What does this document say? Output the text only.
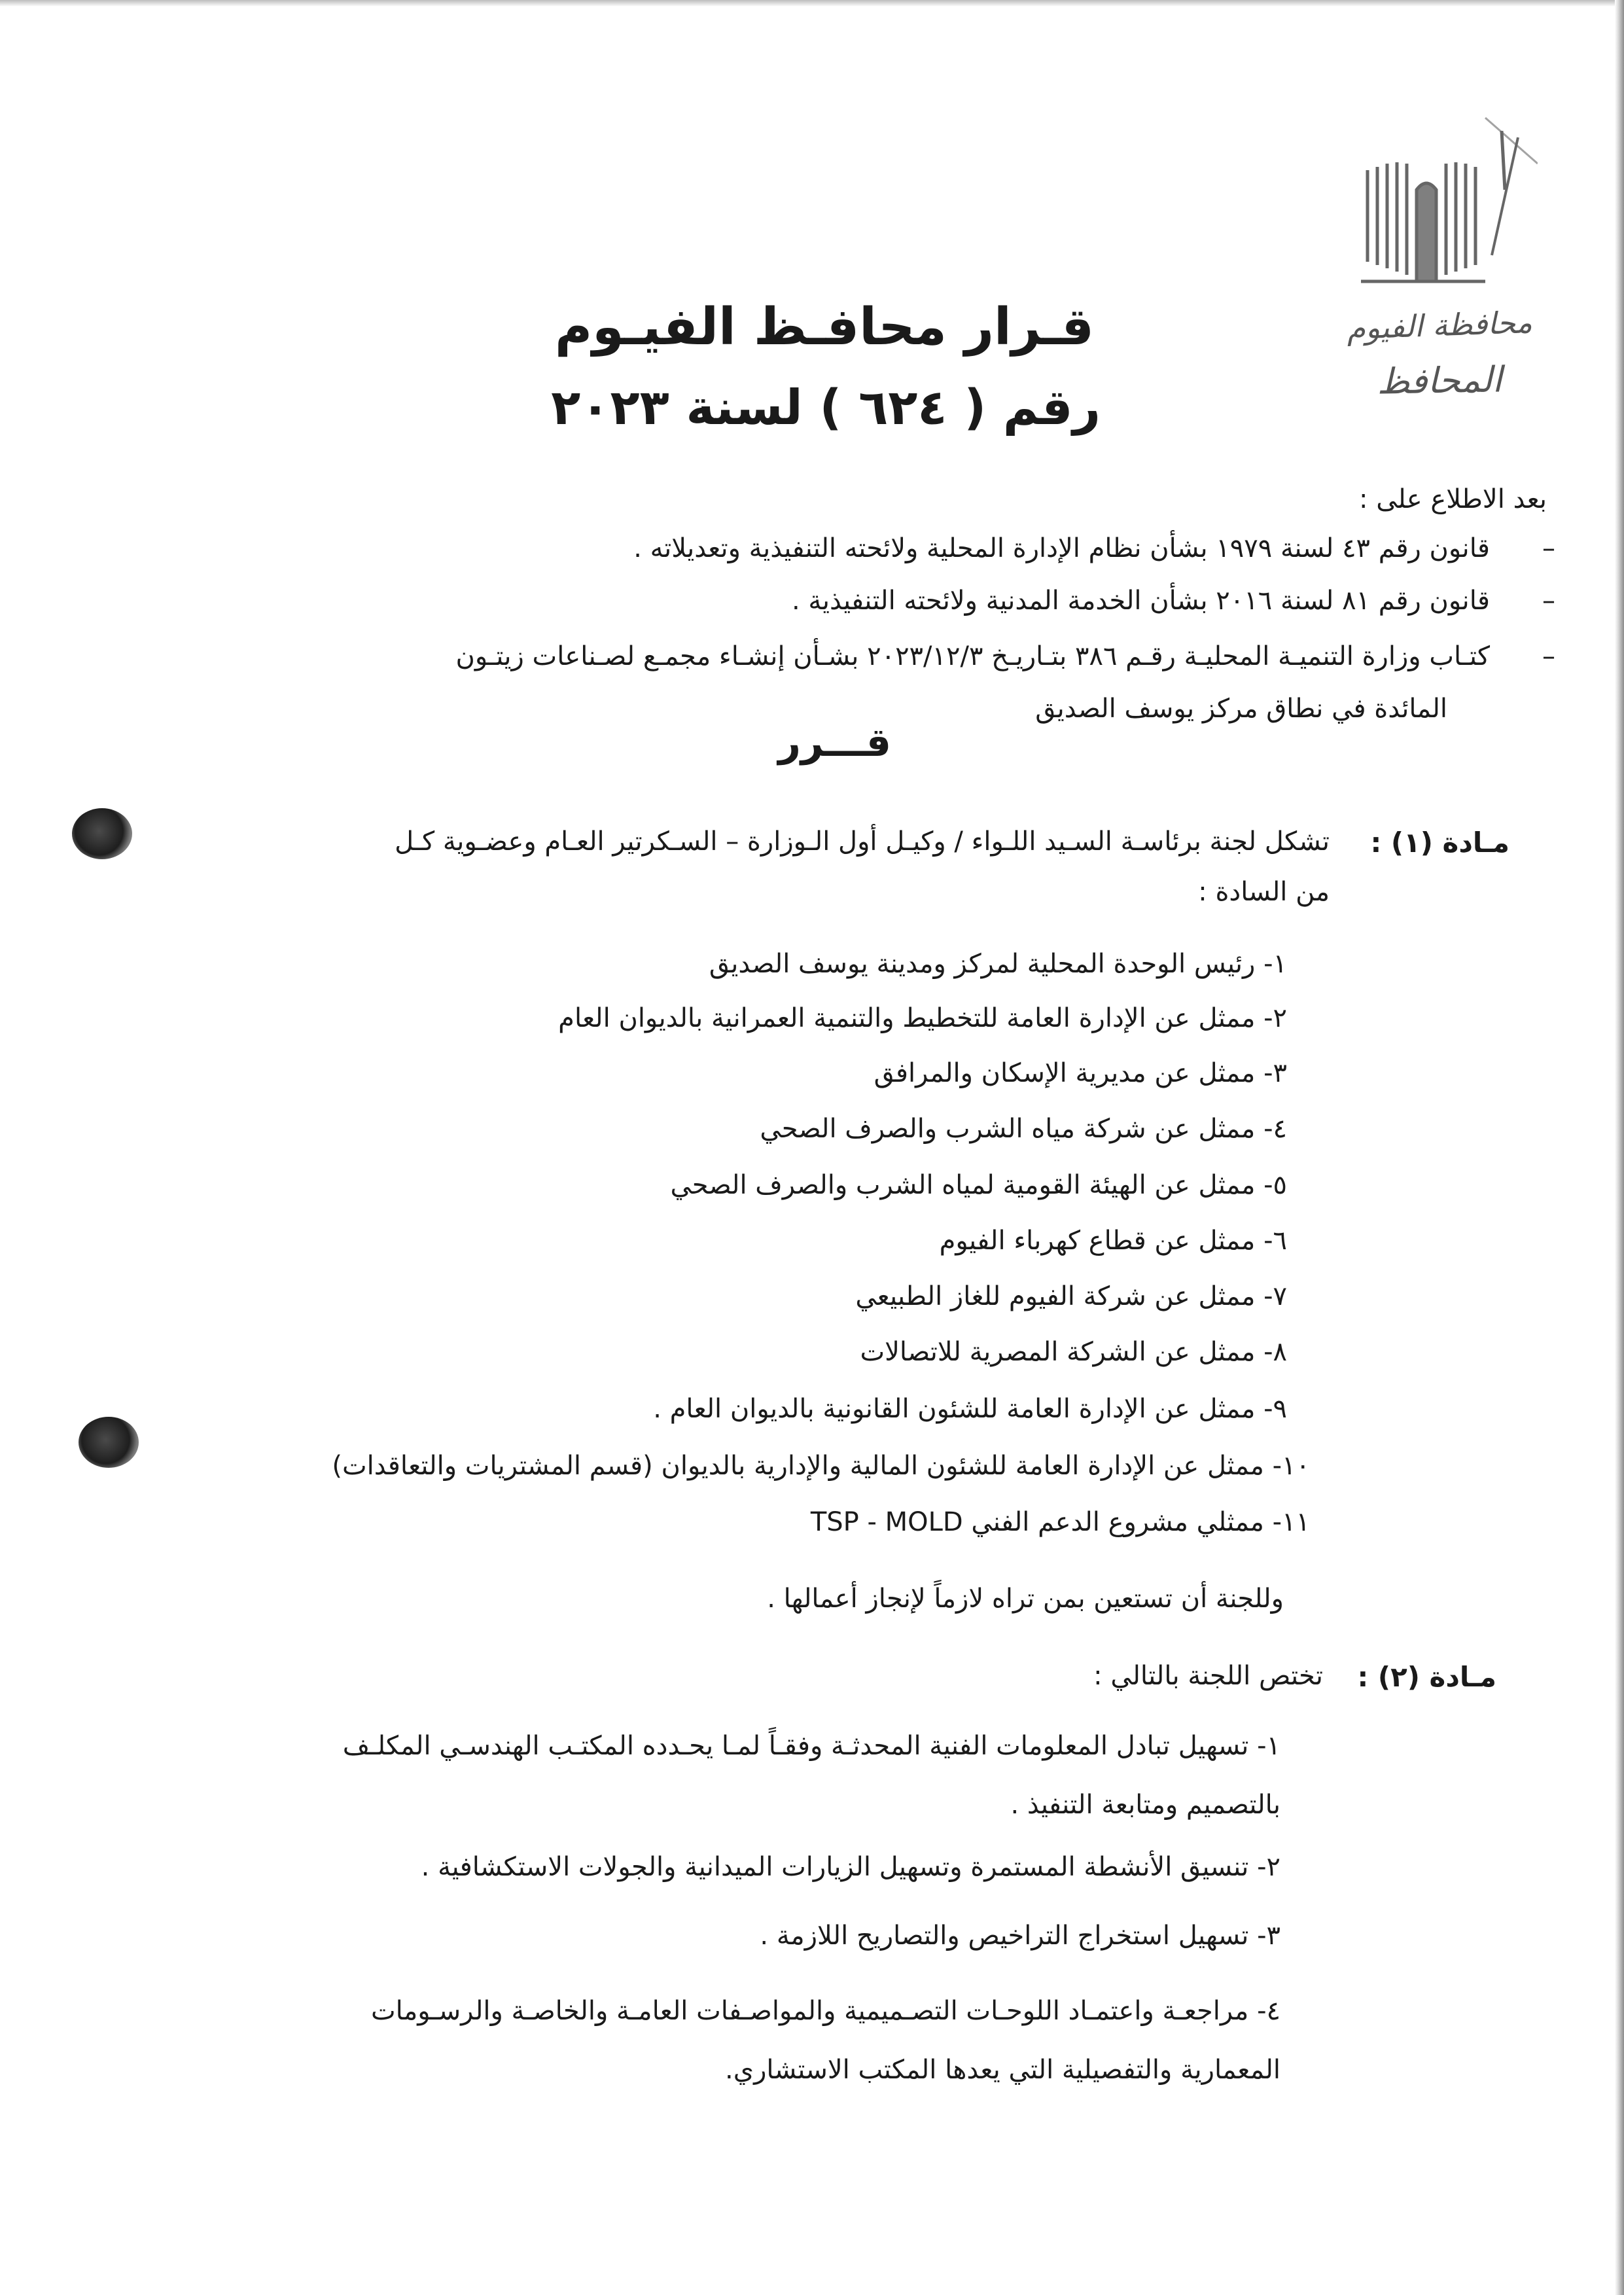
محافظة الفيوم
المحافظ
قـرار محافـظ الفيـوم
رقم ( ٦٢٤ ) لسنة ٢٠٢٣
بعد الاطلاع على :
قانون رقم ٤٣ لسنة ١٩٧٩ بشأن نظام الإدارة المحلية ولائحته التنفيذية وتعديلاته .
قانون رقم ٨١ لسنة ٢٠١٦ بشأن الخدمة المدنية ولائحته التنفيذية .
كتـاب وزارة التنميـة المحليـة رقـم ٣٨٦ بتـاريـخ ٢٠٢٣/١٢/٣ بشـأن إنشـاء مجمـع لصـناعات زيتـون
المائدة في نطاق مركز يوسف الصديق
–
–
–
قـــرر
مـادة (١) :
تشكل لجنة برئاسـة السـيد اللـواء / وكيـل أول الـوزارة – السـكرتير العـام وعضـوية كـل
من السادة :
١- رئيس الوحدة المحلية لمركز ومدينة يوسف الصديق
٢- ممثل عن الإدارة العامة للتخطيط والتنمية العمرانية بالديوان العام
٣- ممثل عن مديرية الإسكان والمرافق
٤- ممثل عن شركة مياه الشرب والصرف الصحي
٥- ممثل عن الهيئة القومية لمياه الشرب والصرف الصحي
٦- ممثل عن قطاع كهرباء الفيوم
٧- ممثل عن شركة الفيوم للغاز الطبيعي
٨- ممثل عن الشركة المصرية للاتصالات
٩- ممثل عن الإدارة العامة للشئون القانونية بالديوان العام .
١٠- ممثل عن الإدارة العامة للشئون المالية والإدارية بالديوان (قسم المشتريات والتعاقدات)
١١- ممثلي مشروع الدعم الفني TSP - MOLD
وللجنة أن تستعين بمن تراه لازماً لإنجاز أعمالها .
مـادة (٢) :
تختص اللجنة بالتالي :
١- تسهيل تبادل المعلومات الفنية المحدثـة وفقـاً لمـا يحـدده المكتـب الهندسـي المكلـف
بالتصميم ومتابعة التنفيذ .
٢- تنسيق الأنشطة المستمرة وتسهيل الزيارات الميدانية والجولات الاستكشافية .
٣- تسهيل استخراج التراخيص والتصاريح اللازمة .
٤- مراجعـة واعتمـاد اللوحـات التصـميمية والمواصـفات العامـة والخاصـة والرسـومات
المعمارية والتفصيلية التي يعدها المكتب الاستشاري.
